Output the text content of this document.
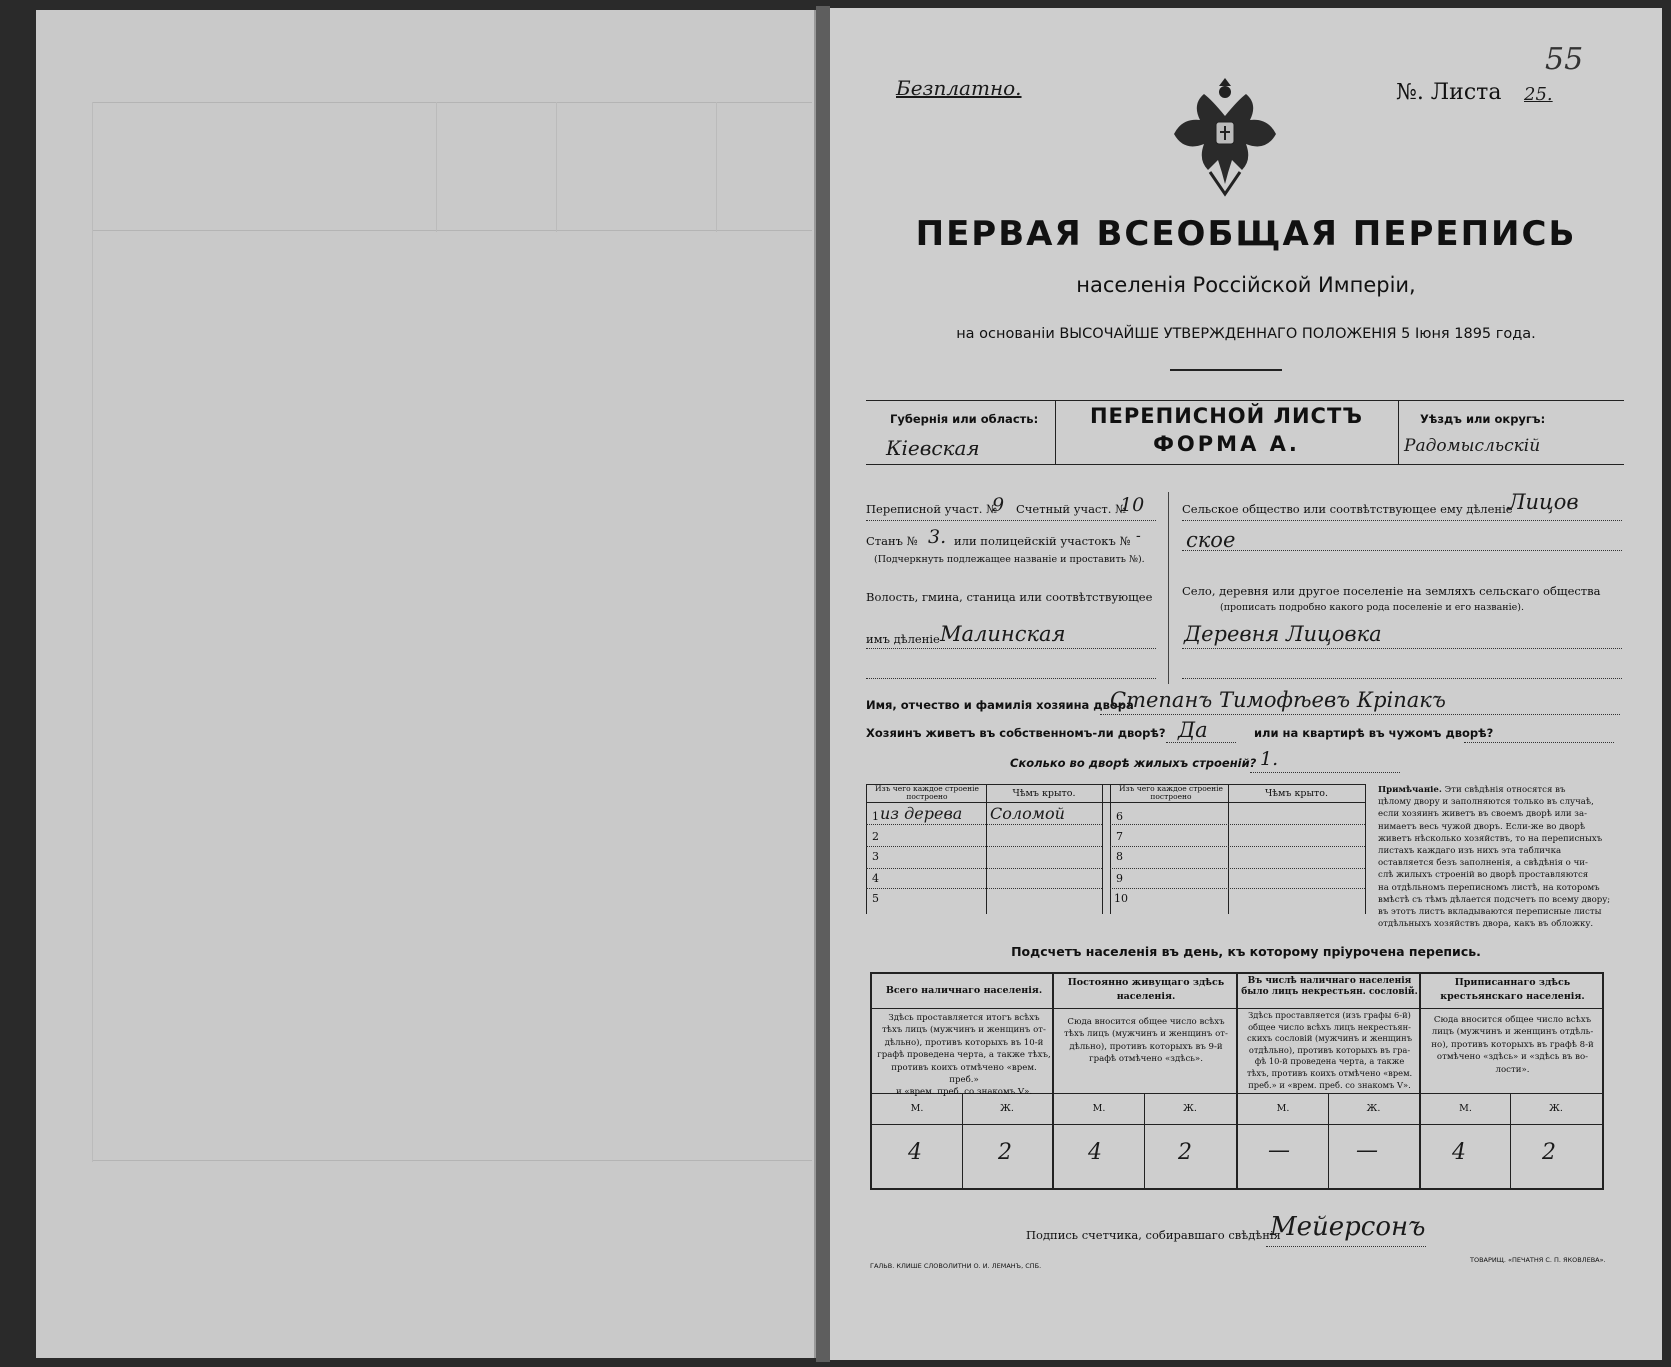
Безплатно.	№. Листа 25.
55
ПЕРВАЯ ВСЕОБЩАЯ ПЕРЕПИСЬ
населенія Россійской Имперіи,
на основаніи ВЫСОЧАЙШЕ УТВЕРЖДЕННАГО ПОЛОЖЕНІЯ 5 Іюня 1895 года.
Губернія или область:
Кіевская
ПЕРЕПИСНОЙ ЛИСТЪ
ФОРМА А.
Уѣздъ или округъ:
Радомысльскій
Переписной участ. №
9 Счетный участ. №
10
Станъ № 3. или полицейскій участокъ № -
(Подчеркнуть подлежащее названіе и проставить №).
Волость, гмина, станица или соотвѣтствующее
имъ дѣленіе Малинская
Сельское общество или соотвѣтствующее ему дѣленіе
Лицов
ское
Село, деревня или другое поселеніе на земляхъ сельскаго общества
(прописать подробно какого рода поселеніе и его названіе).
Деревня Лицовка
Имя, отчество и фамилія хозяина двора
Степанъ Тимофѣевъ Кріпакъ
Хозяинъ живетъ въ собственномъ-ли дворѣ? Да	или на квартирѣ въ чужомъ дворѣ?
Сколько во дворѣ жилыхъ строеній? 1.
Изъ чего каждое строеніе построено	Чѣмъ крыто.	Изъ чего каждое строеніе построено	Чѣмъ крыто.
1 из дерева Соломой
2
3
4
5
6
7
8
9
10
Примѣчаніе. Эти свѣдѣнія относятся въ
цѣлому двору и заполняются только въ случаѣ,
если хозяинъ живетъ въ своемъ дворѣ или за-
нимаетъ весь чужой дворъ. Если-же во дворѣ
живетъ нѣсколько хозяйствъ, то на переписныхъ
листахъ каждаго изъ нихъ эта табличка
оставляется безъ заполненія, а свѣдѣнія о чи-
слѣ жилыхъ строеній во дворѣ проставляются
на отдѣльномъ переписномъ листѣ, на которомъ
вмѣстѣ съ тѣмъ дѣлается подсчетъ по всему двору;
въ этотъ листъ вкладываются переписные листы
отдѣльныхъ хозяйствъ двора, какъ въ обложку.
Подсчетъ населенія въ день, къ которому пріурочена перепись.
Всего наличнаго населенія.
Здѣсь проставляется итогъ всѣхъ
тѣхъ лицъ (мужчинъ и женщинъ от-
дѣльно), противъ которыхъ въ 10-й
графѣ проведена черта, а также тѣхъ,
противъ коихъ отмѣчено «врем. преб.»
и «врем. преб. со знакомъ V».
Постоянно живущаго здѣсь населенія.
Сюда вносится общее число всѣхъ
тѣхъ лицъ (мужчинъ и женщинъ от-
дѣльно), противъ которыхъ въ 9-й
графѣ отмѣчено «здѣсь».
Въ числѣ наличнаго населенія было лицъ некрестьян. сословій.
Здѣсь проставляется (изъ графы 6-й)
общее число всѣхъ лицъ некрестьян-
скихъ сословій (мужчинъ и женщинъ
отдѣльно), противъ которыхъ въ гра-
фѣ 10-й проведена черта, а также
тѣхъ, противъ коихъ отмѣчено «врем.
преб.» и «врем. преб. со знакомъ V».
Приписаннаго здѣсь крестьянскаго населенія.
Сюда вносится общее число всѣхъ
лицъ (мужчинъ и женщинъ отдѣль-
но), противъ которыхъ въ графѣ 8-й
отмѣчено «здѣсь» и «здѣсь въ во-
лости».
М.	Ж.	М.	Ж.	М.	Ж.	М.	Ж.
4	2	4	2	—	—	4	2
Подпись счетчика, собиравшаго свѣдѣнія
Мейерсонъ
ГАЛЬВ. КЛИШЕ СЛОВОЛИТНИ О. И. ЛЕМАНЪ, СПБ.
ТОВАРИЩ. «ПЕЧАТНЯ С. П. ЯКОВЛЕВА».
